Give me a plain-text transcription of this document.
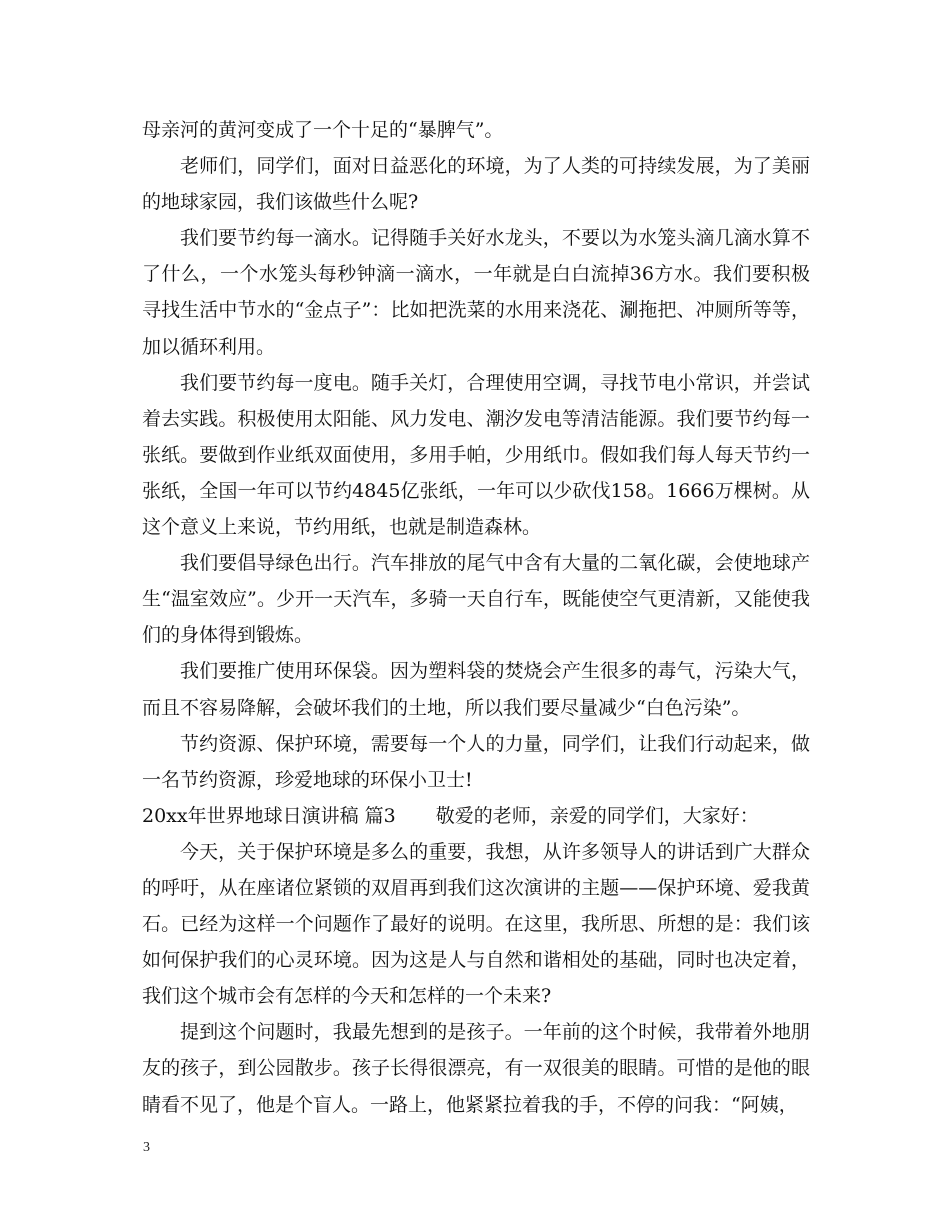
母亲河的黄河变成了一个十足的“暴脾气”。

老师们，同学们，面对日益恶化的环境，为了人类的可持续发展，为了美丽的地球家园，我们该做些什么呢?

我们要节约每一滴水。记得随手关好水龙头，不要以为水笼头滴几滴水算不了什么，一个水笼头每秒钟滴一滴水，一年就是白白流掉36方水。我们要积极寻找生活中节水的“金点子”：比如把洗菜的水用来浇花、涮拖把、冲厕所等等，加以循环利用。

我们要节约每一度电。随手关灯，合理使用空调，寻找节电小常识，并尝试着去实践。积极使用太阳能、风力发电、潮汐发电等清洁能源。我们要节约每一张纸。要做到作业纸双面使用，多用手帕，少用纸巾。假如我们每人每天节约一张纸，全国一年可以节约4845亿张纸，一年可以少砍伐158。1666万棵树。从这个意义上来说，节约用纸，也就是制造森林。

我们要倡导绿色出行。汽车排放的尾气中含有大量的二氧化碳，会使地球产生“温室效应”。少开一天汽车，多骑一天自行车，既能使空气更清新，又能使我们的身体得到锻炼。

我们要推广使用环保袋。因为塑料袋的焚烧会产生很多的毒气，污染大气，而且不容易降解，会破坏我们的土地，所以我们要尽量减少“白色污染”。

节约资源、保护环境，需要每一个人的力量，同学们，让我们行动起来，做一名节约资源，珍爱地球的环保小卫士!

20xx年世界地球日演讲稿 篇3 敬爱的老师，亲爱的同学们，大家好：

今天，关于保护环境是多么的重要，我想，从许多领导人的讲话到广大群众的呼吁，从在座诸位紧锁的双眉再到我们这次演讲的主题——保护环境、爱我黄石。已经为这样一个问题作了最好的说明。在这里，我所思、所想的是：我们该如何保护我们的心灵环境。因为这是人与自然和谐相处的基础，同时也决定着，我们这个城市会有怎样的今天和怎样的一个未来?

提到这个问题时，我最先想到的是孩子。一年前的这个时候，我带着外地朋友的孩子，到公园散步。孩子长得很漂亮，有一双很美的眼睛。可惜的是他的眼睛看不见了，他是个盲人。一路上，他紧紧拉着我的手，不停的问我：“阿姨，

3
